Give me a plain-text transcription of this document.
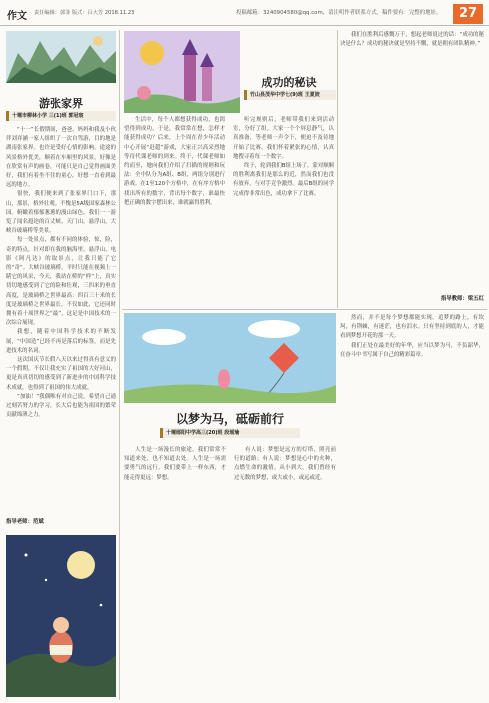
作文 责任编辑：郭菲 版式：吕大芳 2018.11.23	投稿邮箱：3240904580@qq.com，请注明作者联系方式，稿件要有：完整的地址。	27
游张家界
十堰市柳林小学 三(1)班 郭冠宸

“十一”长假期间，爸爸、妈妈和我及小伙伴刘弈涵一家人组织了一次自驾游，目的地是湖南张家界。也许是受好心情的影响，途途的风景格外优美，顺着在车厢里的风景，好像是在欣赏有声的画卷，可能只是自己觉得画面美好，我们有着坐不住的童心，好想一直看到最远的地方。

很快，我们便来到了张家界门口下，那山，那景，格外壮观。不愧是5A级国家森林公园。俯瞰着郁郁葱葱的漫山绿色，我们一一游览了闻名遐迩的百丈峡、天门山，悬浮山，大峡谷玻璃桥等美景。

每一处景点，都有不同的体验，惊，险，奇的特点，针对即在我的脑海里，悬浮山、电影《阿凡达》的取景点，让我只能了它的“奇”。大峡谷玻璃桥，平时只能在视频上一睹它的风采，今天，我站在桥的“样”上，真实切切地感受到了它的险和壮观，三四米的垂直高度，是玻璃桥之世界最高：四百三十米的长度是玻璃桥之世界最长。不仅如此，它还同时拥有着十项世界之“最”，这足是中国技术的一次综合展现。

我想，随着中国科学技术的不断发展，“中国造”已经不再是落后的标签，而是先进技术的名词。

这次国庆节长假八天以来过得真有意义的一个假期，不仅让我充实了祖国的大好河山，更是真真切切的感受到了新进步的中国科学技术成就，也得到了祖国的伟大成就。

“加油！”我偶唯有对自己说，希望自己通过刻苦努力的学习，长大后也能为祖国的繁荣贡献绵薄之力。

指导老师：范斌
成功的秘诀
竹山县茂华中学七(9)班 王夏姣

生活中，每个人都想获得成功，也渴望得到成功。于是，我常常在想，怎样才能获得成功？后来，上个周在青少年活动中心开展“赶超”游戏，大家正兴高采烈地等待代课老师的到来。终于，代课老师如约而至，她向我们介绍了扫描的规则和玩法：全中队分为A组、B组，两组分别进行游戏。在1至120个方格中，在有序方格中找出所有的数字，背出每个数字，谁最快把正确的数字摆出来，谁就赢得胜利。

听完规则后，老师带我们来到活动室，分好了组。大家一个个屏息静气，认真准备，等老师一声令下，便迫不及待地开始了比赛，我们怀着紧张的心情，认真地搜寻着每一个数字。

终于，轮到我们B组上场了。蒙对顺顺的胜利离我们是那么的近，然而我们也没有放弃，与对手竞争激烈。最后B组的同学完成得非常出色，成功拿下了比赛。

我们在胜利后感慨万千，想起老师说过的话：“成功的秘诀是什么？成功的秘诀就是坚持不懈，就是拥有团队精神。”

指导教师：梁五红
以梦为马，砥砺前行
十堰郧阳中学高三(20)班 段瑶瑜

人生是一场漫长的旅途，我们常常不知道来处，也不知道去处。人生是一场需要勇气的远行，我们要带上一样东西，才能走得更远：梦想。

有人说：梦想是远方的灯塔，照亮前行的道路；有人说：梦想是心中的火种，点燃生命的激情。从小到大，我们曾经有过无数的梦想，或大或小，或远或近。

然而，并不是每个梦想都能实现。追梦的路上，有坎坷，有荆棘，有迷茫，也有泪水。只有坚持到底的人，才能看到梦想开花的那一天。

我们正处在最美好的年华，应当以梦为马，不负韶华，在奋斗中书写属于自己的精彩篇章。
